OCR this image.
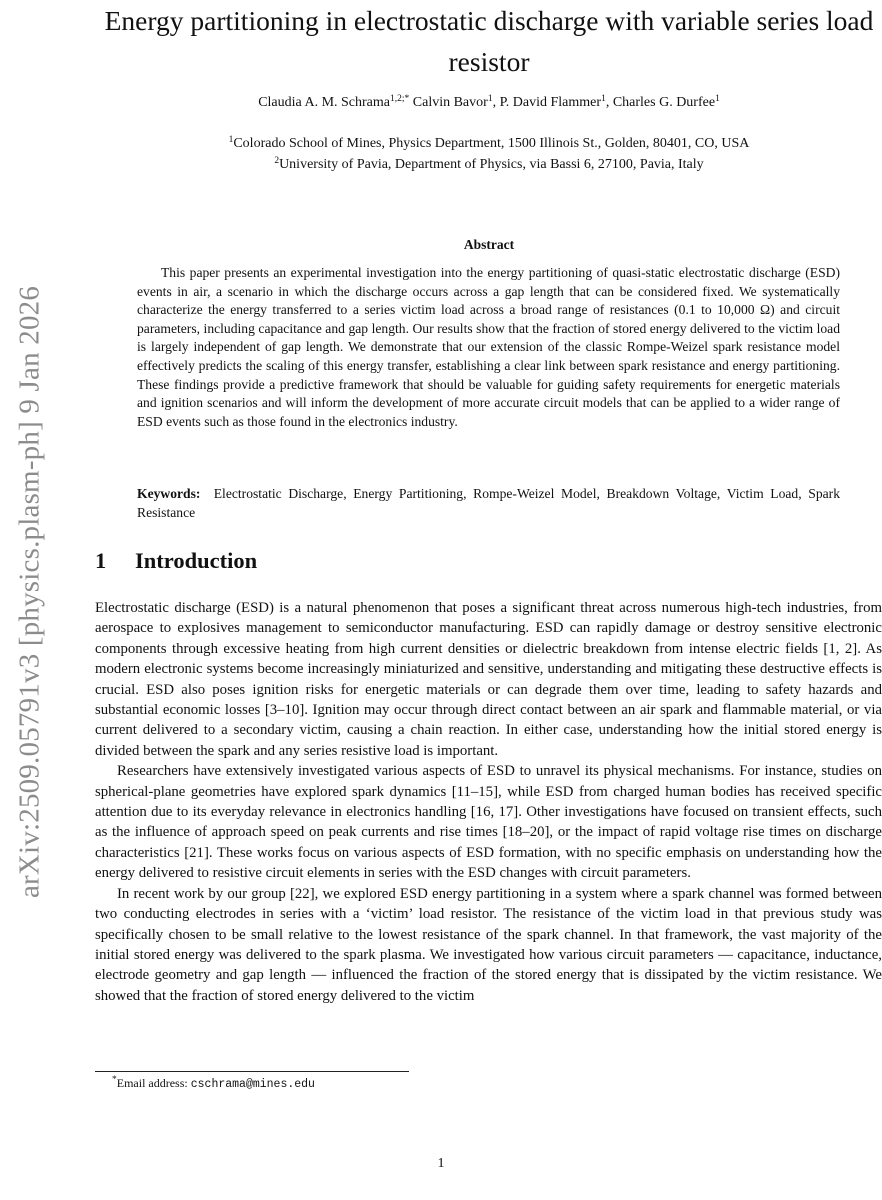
arXiv:2509.05791v3 [physics.plasm-ph] 9 Jan 2026
Energy partitioning in electrostatic discharge with variable series load resistor
Claudia A. M. Schrama$^{1,2;*}$ Calvin Bavor$^1$, P. David Flammer$^1$, Charles G. Durfee$^1$
$^1$Colorado School of Mines, Physics Department, 1500 Illinois St., Golden, 80401, CO, USA
$^2$University of Pavia, Department of Physics, via Bassi 6, 27100, Pavia, Italy
Abstract

This paper presents an experimental investigation into the energy partitioning of quasi-static electrostatic discharge (ESD) events in air, a scenario in which the discharge occurs across a gap length that can be considered fixed. We systematically characterize the energy transferred to a series victim load across a broad range of resistances (0.1 to 10,000 Ω) and circuit parameters, including capacitance and gap length. Our results show that the fraction of stored energy delivered to the victim load is largely independent of gap length. We demonstrate that our extension of the classic Rompe-Weizel spark resistance model effectively predicts the scaling of this energy transfer, establishing a clear link between spark resistance and energy partitioning. These findings provide a predictive framework that should be valuable for guiding safety requirements for energetic materials and ignition scenarios and will inform the development of more accurate circuit models that can be applied to a wider range of ESD events such as those found in the electronics industry.

Keywords: Electrostatic Discharge, Energy Partitioning, Rompe-Weizel Model, Breakdown Voltage, Victim Load, Spark Resistance

1 Introduction

Electrostatic discharge (ESD) is a natural phenomenon that poses a significant threat across numerous high-tech industries, from aerospace to explosives management to semiconductor manufacturing. ESD can rapidly damage or destroy sensitive electronic components through excessive heating from high current densities or dielectric breakdown from intense electric fields [1, 2]. As modern electronic systems become increasingly miniaturized and sensitive, understanding and mitigating these destructive effects is crucial. ESD also poses ignition risks for energetic materials or can degrade them over time, leading to safety hazards and substantial economic losses [3–10]. Ignition may occur through direct contact between an air spark and flammable material, or via current delivered to a secondary victim, causing a chain reaction. In either case, understanding how the initial stored energy is divided between the spark and any series resistive load is important.

Researchers have extensively investigated various aspects of ESD to unravel its physical mechanisms. For instance, studies on spherical-plane geometries have explored spark dynamics [11–15], while ESD from charged human bodies has received specific attention due to its everyday relevance in electronics handling [16, 17]. Other investigations have focused on transient effects, such as the influence of approach speed on peak currents and rise times [18–20], or the impact of rapid voltage rise times on discharge characteristics [21]. These works focus on various aspects of ESD formation, with no specific emphasis on understanding how the energy delivered to resistive circuit elements in series with the ESD changes with circuit parameters.

In recent work by our group [22], we explored ESD energy partitioning in a system where a spark channel was formed between two conducting electrodes in series with a ‘victim’ load resistor. The resistance of the victim load in that previous study was specifically chosen to be small relative to the lowest resistance of the spark channel. In that framework, the vast majority of the initial stored energy was delivered to the spark plasma. We investigated how various circuit parameters — capacitance, inductance, electrode geometry and gap length — influenced the fraction of the stored energy that is dissipated by the victim resistance. We showed that the fraction of stored energy delivered to the victim

*Email address: cschrama@mines.edu
1
